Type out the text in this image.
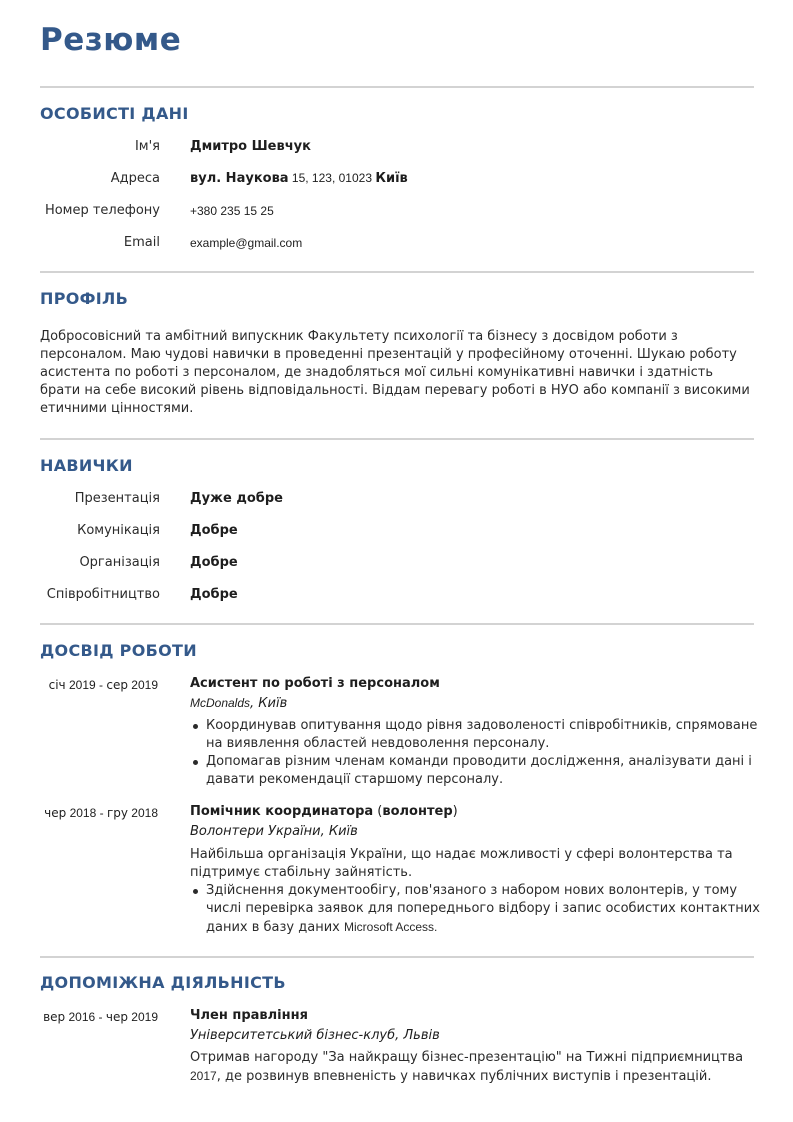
Резюме
ОСОБИСТІ ДАНІ
Ім'я Дмитро Шевчук
Адреса вул. Наукова 15, 123, 01023 Київ
Номер телефону	+380 235 15 25
Email	example@gmail.com
ПРОФІЛЬ
Добросовісний та амбітний випускник Факультету психології та бізнесу з досвідом роботи з персоналом. Маю чудові навички в проведенні презентацій у професійному оточенні. Шукаю роботу асистента по роботі з персоналом, де знадобляться мої сильні комунікативні навички і здатність брати на себе високий рівень відповідальності. Віддам перевагу роботі в НУО або компанії з високими етичними цінностями.
НАВИЧКИ
Презентація Дуже добре
Комунікація Добре
Організація Добре
Співробітництво Добре
ДОСВІД РОБОТИ
січ 2019 - сер 2019 Асистент по роботі з персоналом
McDonalds, Київ
Координував опитування щодо рівня задоволеності співробітників, спрямоване на виявлення областей невдоволення персоналу.
Допомагав різним членам команди проводити дослідження, аналізувати дані і давати рекомендації старшому персоналу.
чер 2018 - гру 2018 Помічник координатора (волонтер)
Волонтери України, Київ
Найбільша організація України, що надає можливості у сфері волонтерства та підтримує стабільну зайнятість.
Здійснення документообігу, пов'язаного з набором нових волонтерів, у тому числі перевірка заявок для попереднього відбору і запис особистих контактних даних в базу даних Microsoft Access.
ДОПОМІЖНА ДІЯЛЬНІСТЬ
вер 2016 - чер 2019 Член правління
Університетський бізнес-клуб, Львів
Отримав нагороду "За найкращу бізнес-презентацію" на Тижні підприємництва
2017, де розвинув впевненість у навичках публічних виступів і презентацій.
